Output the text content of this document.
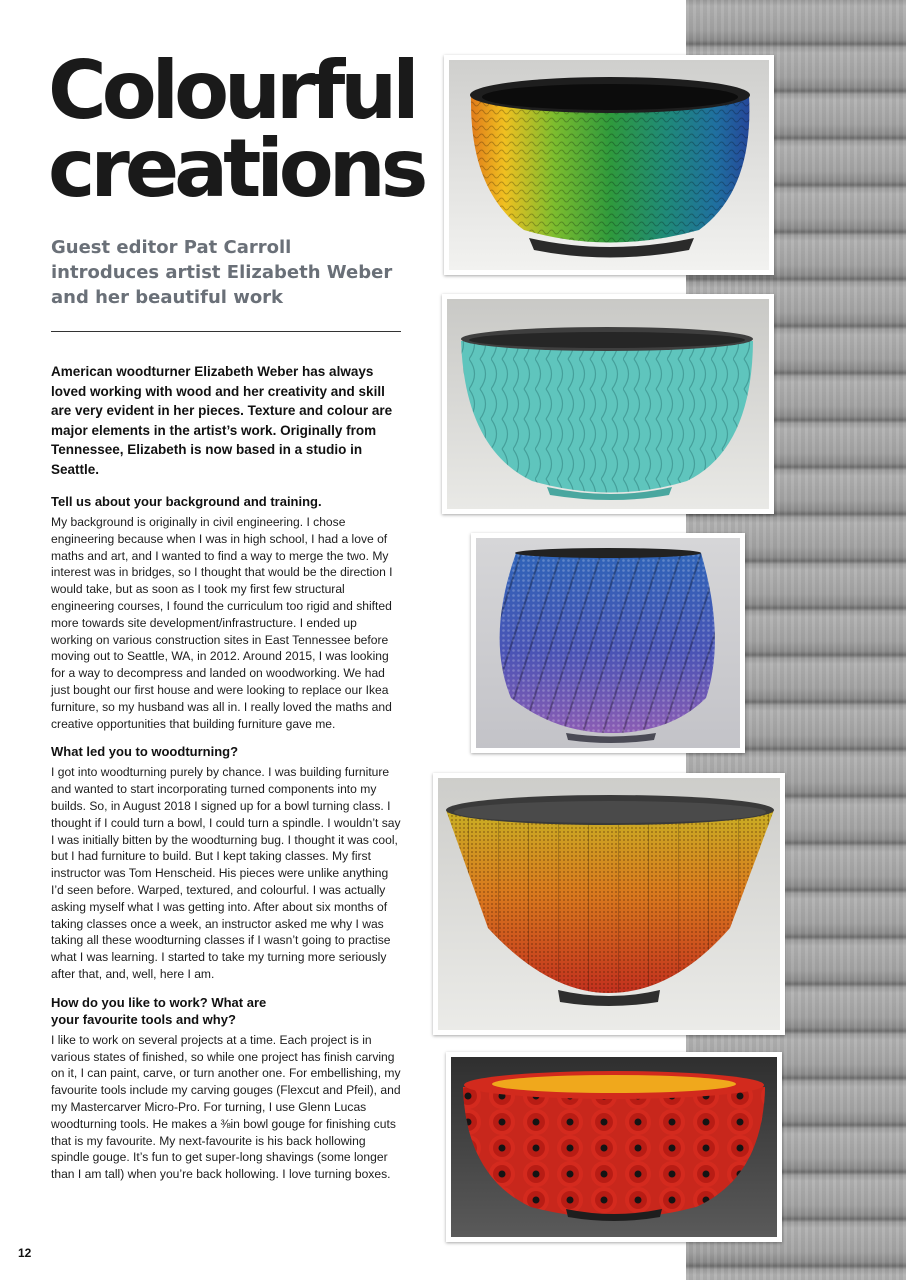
Colourful
creations
Guest editor Pat Carroll
introduces artist Elizabeth Weber
and her beautiful work

American woodturner Elizabeth Weber has always loved working with wood and her creativity and skill are very evident in her pieces. Texture and colour are major elements in the artist’s work. Originally from Tennessee, Elizabeth is now based in a studio in Seattle.

Tell us about your background and training.

My background is originally in civil engineering. I chose engineering because when I was in high school, I had a love of maths and art, and I wanted to find a way to merge the two. My interest was in bridges, so I thought that would be the direction I would take, but as soon as I took my first few structural engineering courses, I found the curriculum too rigid and shifted more towards site development/infrastructure. I ended up working on various construction sites in East Tennessee before moving out to Seattle, WA, in 2012. Around 2015, I was looking for a way to decompress and landed on woodworking. We had just bought our first house and were looking to replace our Ikea furniture, so my husband was all in. I really loved the maths and creative opportunities that building furniture gave me.

What led you to woodturning?

I got into woodturning purely by chance. I was building furniture and wanted to start incorporating turned components into my builds. So, in August 2018 I signed up for a bowl turning class. I thought if I could turn a bowl, I could turn a spindle. I wouldn’t say I was initially bitten by the woodturning bug. I thought it was cool, but I had furniture to build. But I kept taking classes. My first instructor was Tom Henscheid. His pieces were unlike anything I’d seen before. Warped, textured, and colourful. I was actually asking myself what I was getting into. After about six months of taking classes once a week, an instructor asked me why I was taking all these woodturning classes if I wasn’t going to practise what I was learning. I started to take my turning more seriously after that, and, well, here I am.

How do you like to work? What are
your favourite tools and why?

I like to work on several projects at a time. Each project is in various states of finished, so while one project has finish carving on it, I can paint, carve, or turn another one. For embellishing, my favourite tools include my carving gouges (Flexcut and Pfeil), and my Mastercarver Micro-Pro. For turning, I use Glenn Lucas woodturning tools. He makes a ⅜in bowl gouge for finishing cuts that is my favourite. My next-favourite is his back hollowing spindle gouge. It’s fun to get super-long shavings (some longer than I am tall) when you’re back hollowing. I love turning boxes.

12
